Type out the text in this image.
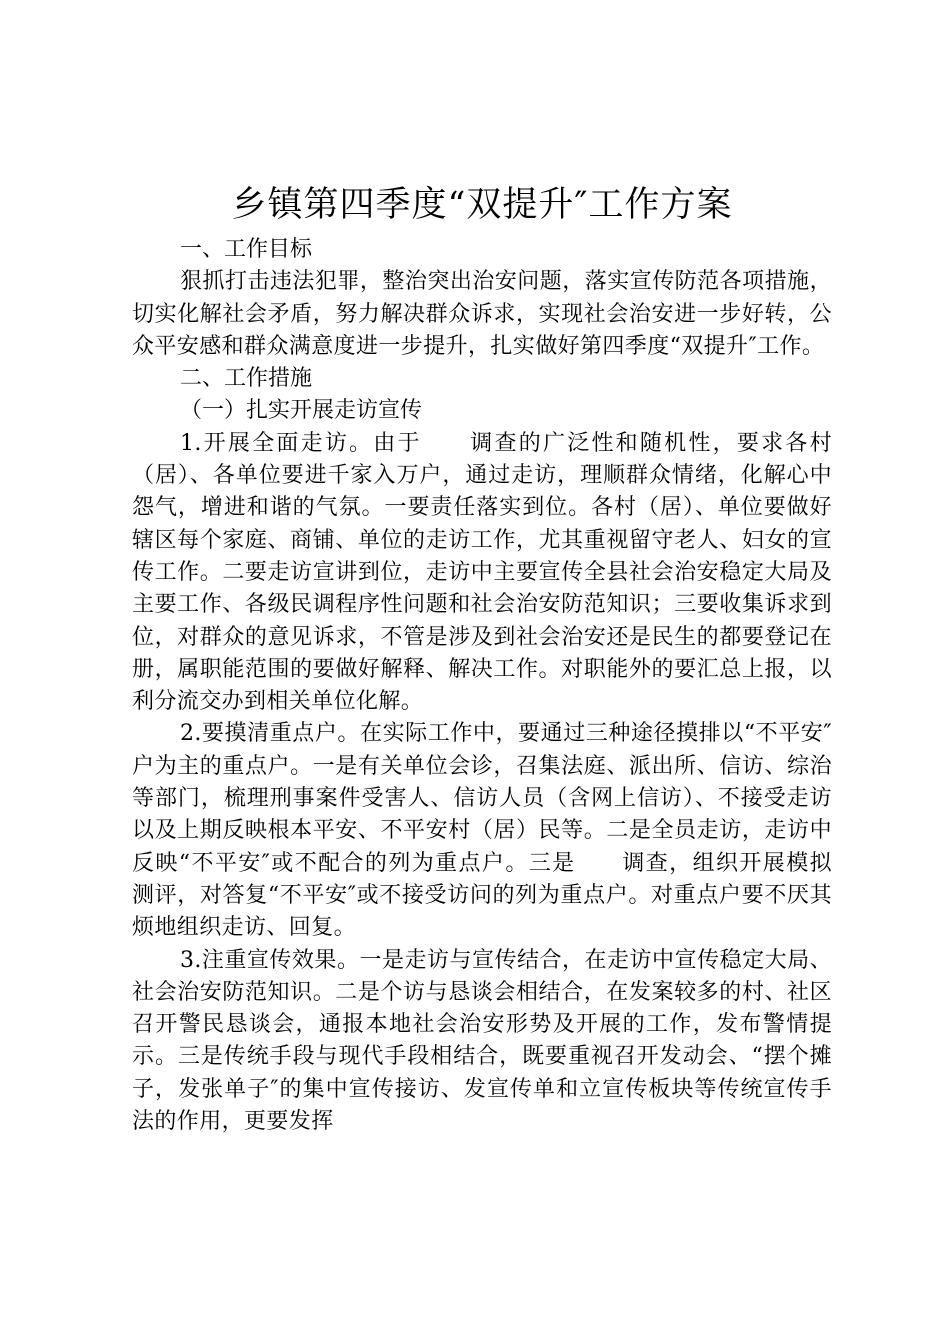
乡镇第四季度“双提升″工作方案

一、工作目标

狠抓打击违法犯罪，整治突出治安问题，落实宣传防范各项措施，切实化解社会矛盾，努力解决群众诉求，实现社会治安进一步好转，公众平安感和群众满意度进一步提升，扎实做好第四季度“双提升″工作。

二、工作措施

（一）扎实开展走访宣传

1.开展全面走访。由于　　调查的广泛性和随机性，要求各村（居）、各单位要进千家入万户，通过走访，理顺群众情绪，化解心中怨气，增进和谐的气氛。一要责任落实到位。各村（居）、单位要做好辖区每个家庭、商铺、单位的走访工作，尤其重视留守老人、妇女的宣传工作。二要走访宣讲到位，走访中主要宣传全县社会治安稳定大局及主要工作、各级民调程序性问题和社会治安防范知识；三要收集诉求到位，对群众的意见诉求，不管是涉及到社会治安还是民生的都要登记在册，属职能范围的要做好解释、解决工作。对职能外的要汇总上报，以利分流交办到相关单位化解。

2.要摸清重点户。在实际工作中，要通过三种途径摸排以“不平安″户为主的重点户。一是有关单位会诊，召集法庭、派出所、信访、综治等部门，梳理刑事案件受害人、信访人员（含网上信访）、不接受走访以及上期反映根本平安、不平安村（居）民等。二是全员走访，走访中反映“不平安″或不配合的列为重点户。三是　　调查，组织开展模拟　　测评，对答复“不平安″或不接受访问的列为重点户。对重点户要不厌其烦地组织走访、回复。

3.注重宣传效果。一是走访与宣传结合，在走访中宣传稳定大局、社会治安防范知识。二是个访与恳谈会相结合，在发案较多的村、社区召开警民恳谈会，通报本地社会治安形势及开展的工作，发布警情提示。三是传统手段与现代手段相结合，既要重视召开发动会、“摆个摊子，发张单子″的集中宣传接访、发宣传单和立宣传板块等传统宣传手法的作用，更要发挥
